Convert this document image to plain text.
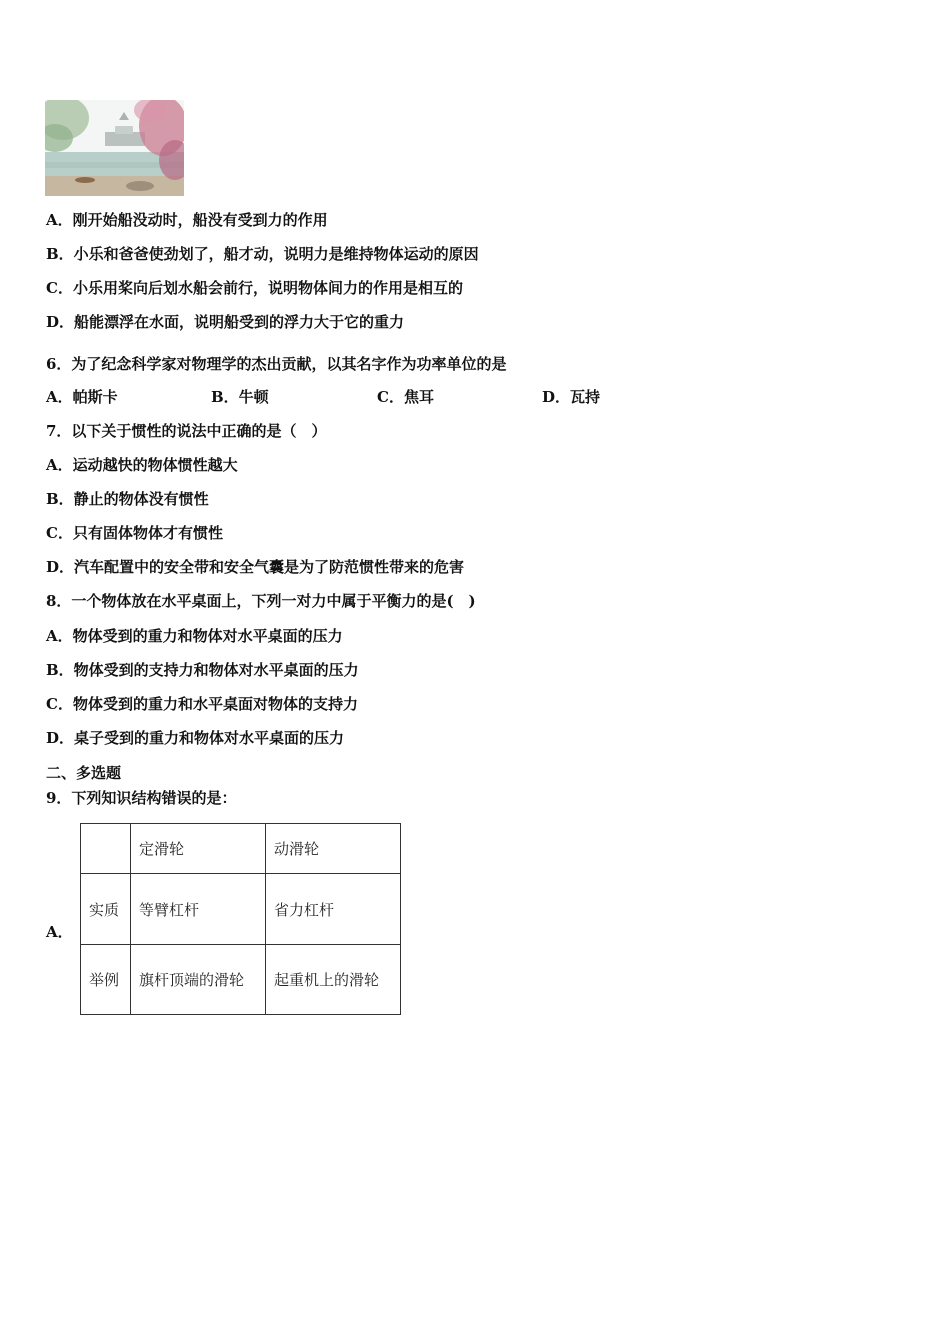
A．刚开始船没动时，船没有受到力的作用
B．小乐和爸爸使劲划了，船才动，说明力是维持物体运动的原因
C．小乐用桨向后划水船会前行，说明物体间力的作用是相互的
D．船能漂浮在水面，说明船受到的浮力大于它的重力
6．为了纪念科学家对物理学的杰出贡献，以其名字作为功率单位的是
A．帕斯卡	B．牛顿	C．焦耳	D．瓦持
7．以下关于惯性的说法中正确的是（　）
A．运动越快的物体惯性越大
B．静止的物体没有惯性
C．只有固体物体才有惯性
D．汽车配置中的安全带和安全气囊是为了防范惯性带来的危害
8．一个物体放在水平桌面上，下列一对力中属于平衡力的是(　)
A．物体受到的重力和物体对水平桌面的压力
B．物体受到的支持力和物体对水平桌面的压力
C．物体受到的重力和水平桌面对物体的支持力
D．桌子受到的重力和物体对水平桌面的压力
二、多选题
9．下列知识结构错误的是：
A．
	定滑轮	动滑轮
实质	等臂杠杆	省力杠杆
举例	旗杆顶端的滑轮	起重机上的滑轮
